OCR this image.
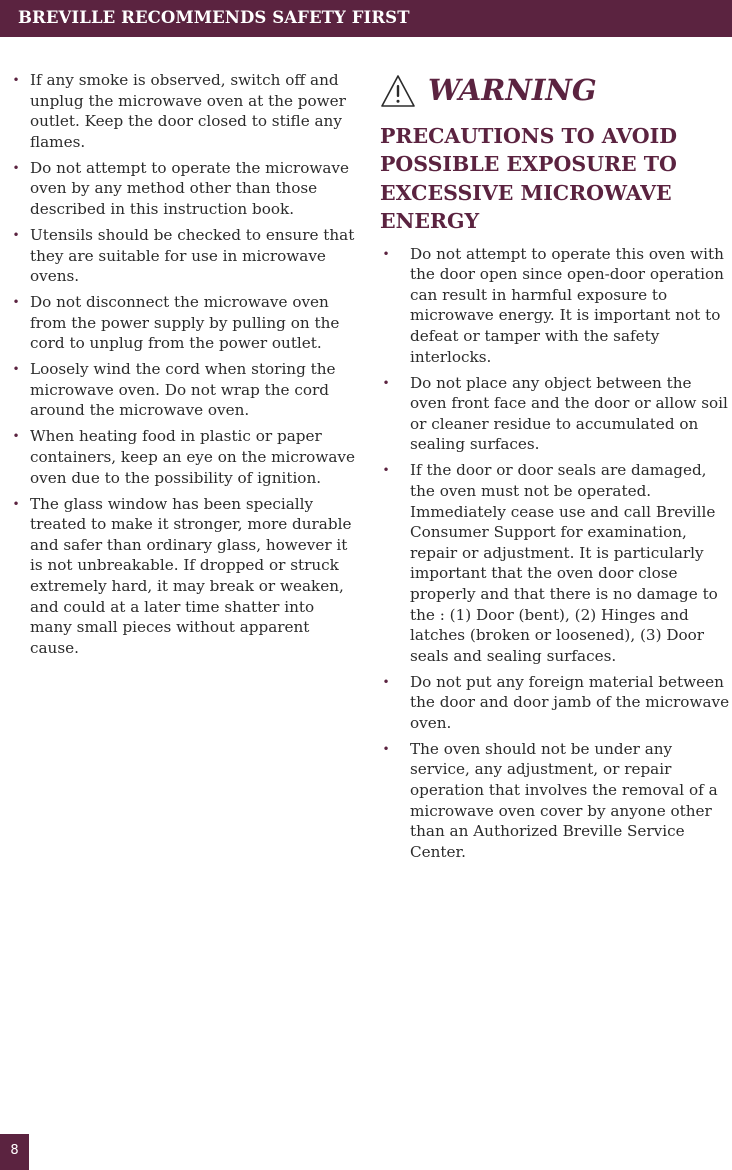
BREVILLE RECOMMENDS SAFETY FIRST
• If any smoke is observed, switch off and unplug the microwave oven at the power outlet. Keep the door closed to stifle any flames.
• Do not attempt to operate the microwave oven by any method other than those described in this instruction book.
• Utensils should be checked to ensure that they are suitable for use in microwave ovens.
• Do not disconnect the microwave oven from the power supply by pulling on the cord to unplug from the power outlet.
• Loosely wind the cord when storing the microwave oven. Do not wrap the cord around the microwave oven.
• When heating food in plastic or paper containers, keep an eye on the microwave oven due to the possibility of ignition.
• The glass window has been specially treated to make it stronger, more durable and safer than ordinary glass, however it is not unbreakable. If dropped or struck extremely hard, it may break or weaken, and could at a later time shatter into many small pieces without apparent cause.
WARNING
PRECAUTIONS TO AVOID POSSIBLE EXPOSURE TO EXCESSIVE MICROWAVE ENERGY
• Do not attempt to operate this oven with the door open since open-door operation can result in harmful exposure to microwave energy. It is important not to defeat or tamper with the safety interlocks.
• Do not place any object between the oven front face and the door or allow soil or cleaner residue to accumulated on sealing surfaces.
• If the door or door seals are damaged, the oven must not be operated. Immediately cease use and call Breville Consumer Support for examination, repair or adjustment. It is particularly important that the oven door close properly and that there is no damage to the : (1) Door (bent), (2) Hinges and latches (broken or loosened), (3) Door seals and sealing surfaces.
• Do not put any foreign material between the door and door jamb of the microwave oven.
• The oven should not be under any service, any adjustment, or repair operation that involves the removal of a microwave oven cover by anyone other than an Authorized Breville Service Center.
8
